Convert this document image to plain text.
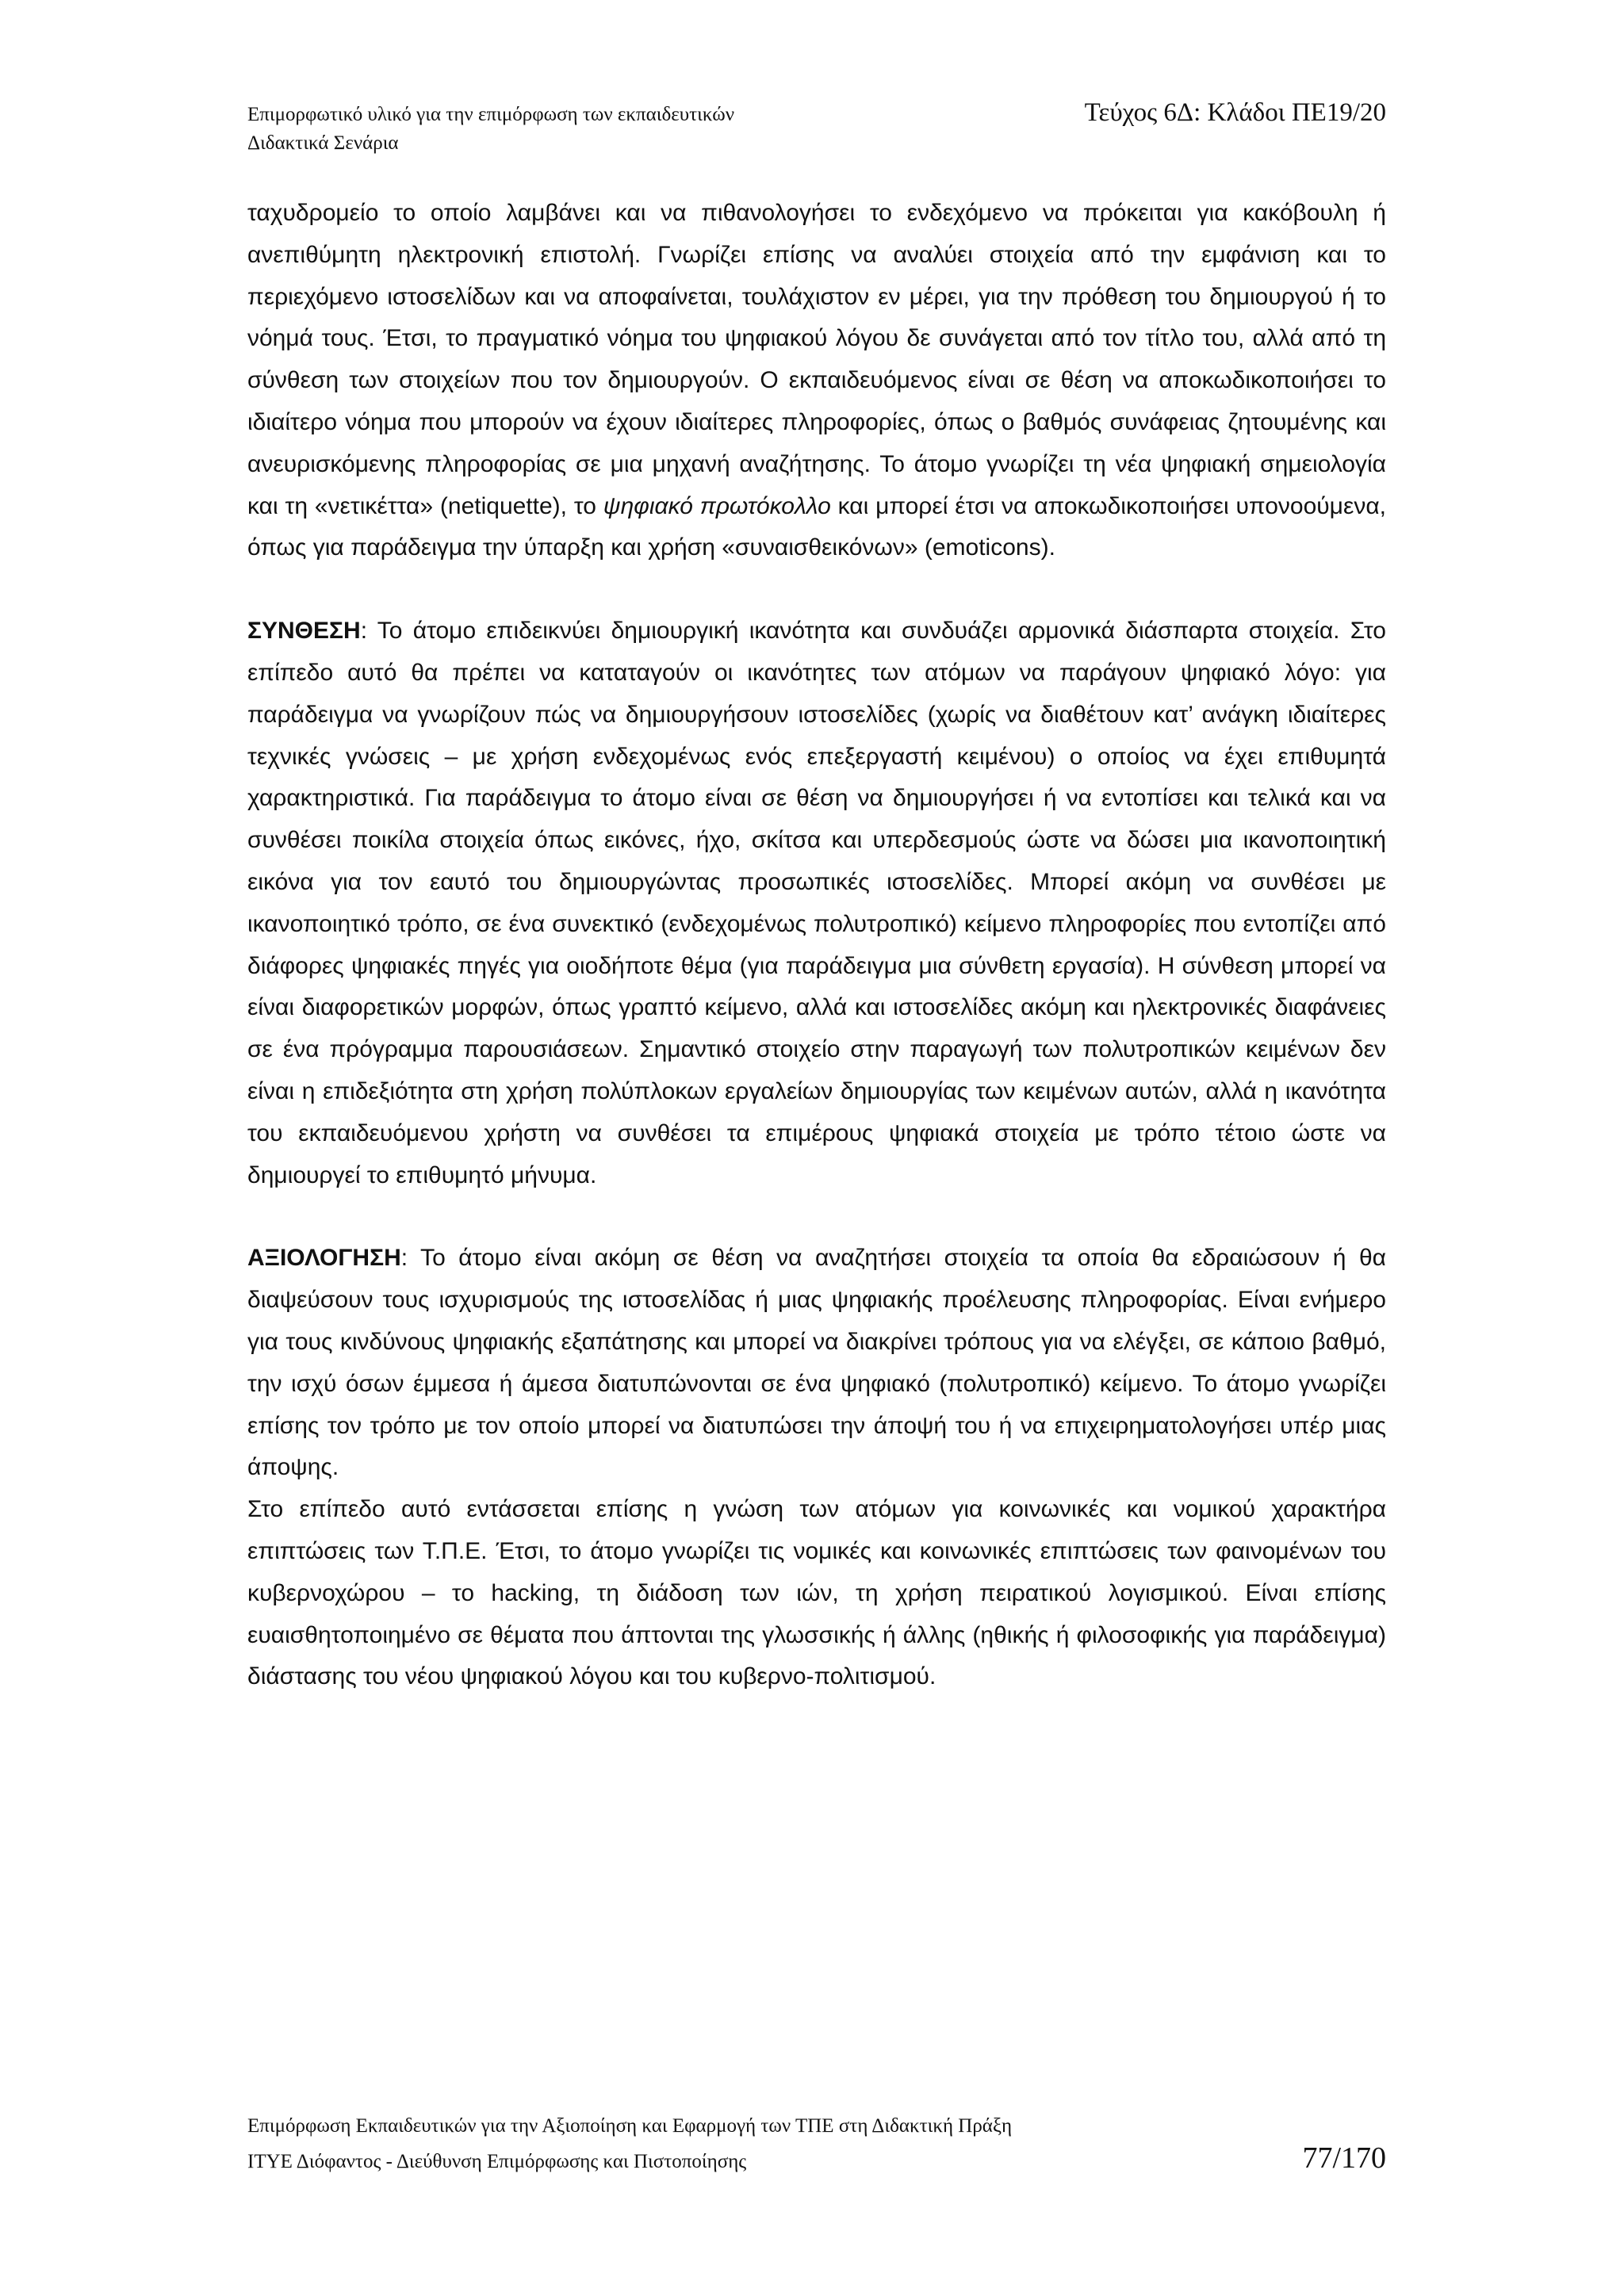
Επιμορφωτικό υλικό για την επιμόρφωση των εκπαιδευτικών	Τεύχος 6Δ: Κλάδοι ΠΕ19/20
Διδακτικά Σενάρια

ταχυδρομείο το οποίο λαμβάνει και να πιθανολογήσει το ενδεχόμενο να πρόκειται για κακόβουλη ή ανεπιθύμητη ηλεκτρονική επιστολή. Γνωρίζει επίσης να αναλύει στοιχεία από την εμφάνιση και το περιεχόμενο ιστοσελίδων και να αποφαίνεται, τουλάχιστον εν μέρει, για την πρόθεση του δημιουργού ή το νόημά τους. Έτσι, το πραγματικό νόημα του ψηφιακού λόγου δε συνάγεται από τον τίτλο του, αλλά από τη σύνθεση των στοιχείων που τον δημιουργούν. Ο εκπαιδευόμενος είναι σε θέση να αποκωδικοποιήσει το ιδιαίτερο νόημα που μπορούν να έχουν ιδιαίτερες πληροφορίες, όπως ο βαθμός συνάφειας ζητουμένης και ανευρισκόμενης πληροφορίας σε μια μηχανή αναζήτησης. Το άτομο γνωρίζει τη νέα ψηφιακή σημειολογία και τη «νετικέττα» (netiquette), το ψηφιακό πρωτόκολλο και μπορεί έτσι να αποκωδικοποιήσει υπονοούμενα, όπως για παράδειγμα την ύπαρξη και χρήση «συναισθεικόνων» (emoticons).

ΣΥΝΘΕΣΗ: Το άτομο επιδεικνύει δημιουργική ικανότητα και συνδυάζει αρμονικά διάσπαρτα στοιχεία. Στο επίπεδο αυτό θα πρέπει να καταταγούν οι ικανότητες των ατόμων να παράγουν ψηφιακό λόγο: για παράδειγμα να γνωρίζουν πώς να δημιουργήσουν ιστοσελίδες (χωρίς να διαθέτουν κατ’ ανάγκη ιδιαίτερες τεχνικές γνώσεις – με χρήση ενδεχομένως ενός επεξεργαστή κειμένου) ο οποίος να έχει επιθυμητά χαρακτηριστικά. Για παράδειγμα το άτομο είναι σε θέση να δημιουργήσει ή να εντοπίσει και τελικά και να συνθέσει ποικίλα στοιχεία όπως εικόνες, ήχο, σκίτσα και υπερδεσμούς ώστε να δώσει μια ικανοποιητική εικόνα για τον εαυτό του δημιουργώντας προσωπικές ιστοσελίδες. Μπορεί ακόμη να συνθέσει με ικανοποιητικό τρόπο, σε ένα συνεκτικό (ενδεχομένως πολυτροπικό) κείμενο πληροφορίες που εντοπίζει από διάφορες ψηφιακές πηγές για οιοδήποτε θέμα (για παράδειγμα μια σύνθετη εργασία). Η σύνθεση μπορεί να είναι διαφορετικών μορφών, όπως γραπτό κείμενο, αλλά και ιστοσελίδες ακόμη και ηλεκτρονικές διαφάνειες σε ένα πρόγραμμα παρουσιάσεων. Σημαντικό στοιχείο στην παραγωγή των πολυτροπικών κειμένων δεν είναι η επιδεξιότητα στη χρήση πολύπλοκων εργαλείων δημιουργίας των κειμένων αυτών, αλλά η ικανότητα του εκπαιδευόμενου χρήστη να συνθέσει τα επιμέρους ψηφιακά στοιχεία με τρόπο τέτοιο ώστε να δημιουργεί το επιθυμητό μήνυμα.

ΑΞΙΟΛΟΓΗΣΗ: Το άτομο είναι ακόμη σε θέση να αναζητήσει στοιχεία τα οποία θα εδραιώσουν ή θα διαψεύσουν τους ισχυρισμούς της ιστοσελίδας ή μιας ψηφιακής προέλευσης πληροφορίας. Είναι ενήμερο για τους κινδύνους ψηφιακής εξαπάτησης και μπορεί να διακρίνει τρόπους για να ελέγξει, σε κάποιο βαθμό, την ισχύ όσων έμμεσα ή άμεσα διατυπώνονται σε ένα ψηφιακό (πολυτροπικό) κείμενο. Το άτομο γνωρίζει επίσης τον τρόπο με τον οποίο μπορεί να διατυπώσει την άποψή του ή να επιχειρηματολογήσει υπέρ μιας άποψης.

Στο επίπεδο αυτό εντάσσεται επίσης η γνώση των ατόμων για κοινωνικές και νομικού χαρακτήρα επιπτώσεις των Τ.Π.Ε. Έτσι, το άτομο γνωρίζει τις νομικές και κοινωνικές επιπτώσεις των φαινομένων του κυβερνοχώρου – το hacking, τη διάδοση των ιών, τη χρήση πειρατικού λογισμικού. Είναι επίσης ευαισθητοποιημένο σε θέματα που άπτονται της γλωσσικής ή άλλης (ηθικής ή φιλοσοφικής για παράδειγμα) διάστασης του νέου ψηφιακού λόγου και του κυβερνο-πολιτισμού.

Επιμόρφωση Εκπαιδευτικών για την Αξιοποίηση και Εφαρμογή των ΤΠΕ στη Διδακτική Πράξη
ΙΤΥΕ Διόφαντος - Διεύθυνση Επιμόρφωσης και Πιστοποίησης	77/170
